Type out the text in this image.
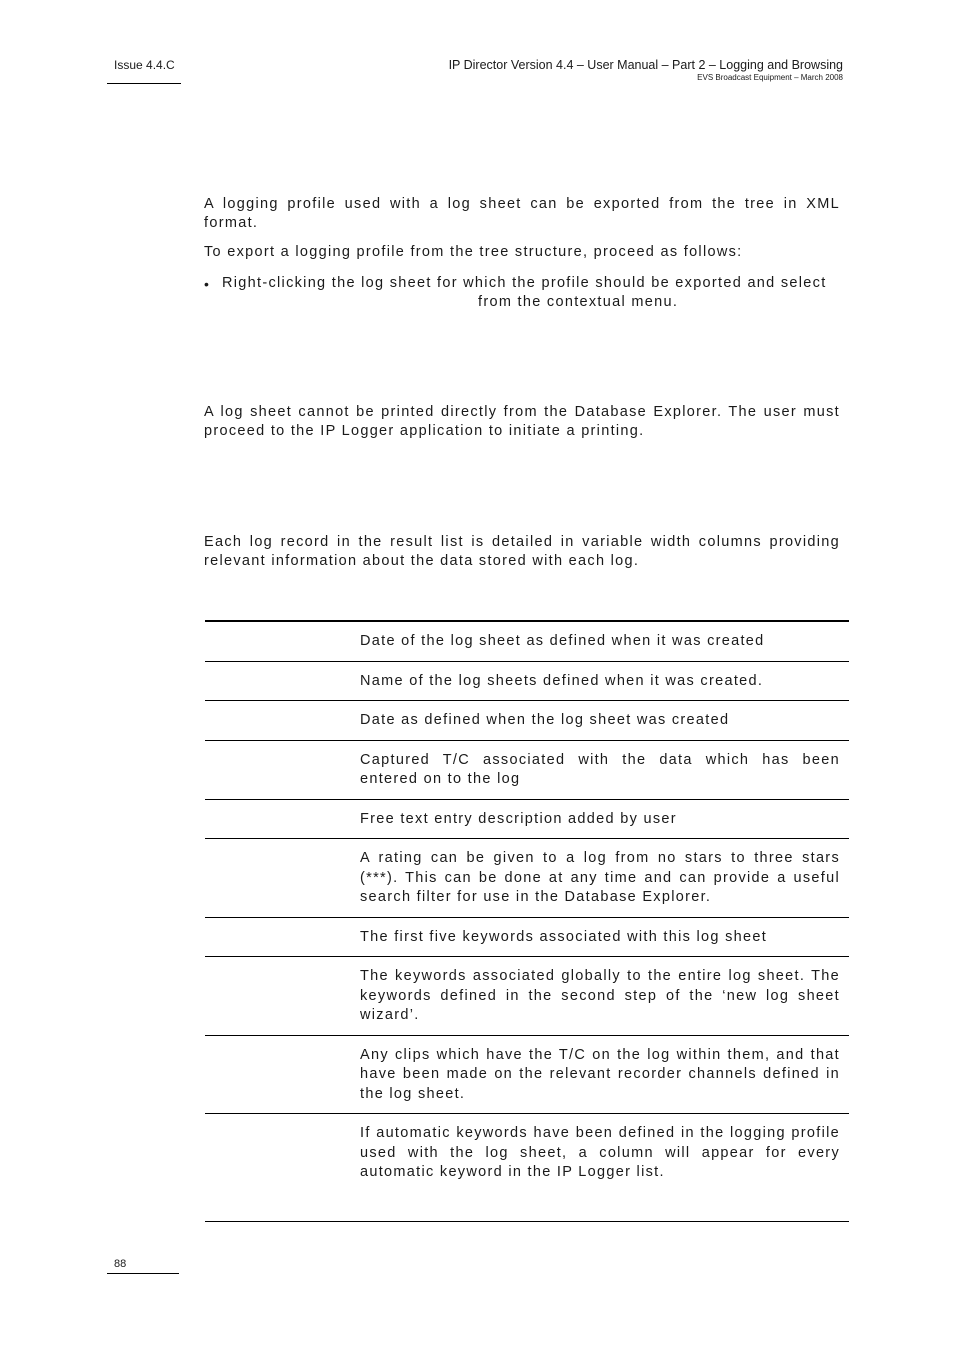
Issue 4.4.C	IP Director Version 4.4 – User Manual – Part 2 – Logging and Browsing
EVS Broadcast Equipment – March 2008

A logging profile used with a log sheet can be exported from the tree in XML format.

To export a logging profile from the tree structure, proceed as follows:

• Right-clicking the log sheet for which the profile should be exported and select

from the contextual menu.

A log sheet cannot be printed directly from the Database Explorer. The user must proceed to the IP Logger application to initiate a printing.

Each log record in the result list is detailed in variable width columns providing relevant information about the data stored with each log.

Date of the log sheet as defined when it was created
Name of the log sheets defined when it was created.
Date as defined when the log sheet was created
Captured T/C associated with the data which has been entered on to the log
Free text entry description added by user
A rating can be given to a log from no stars to three stars (***). This can be done at any time and can provide a useful search filter for use in the Database Explorer.
The first five keywords associated with this log sheet
The keywords associated globally to the entire log sheet. The keywords defined in the second step of the ‘new log sheet wizard’.
Any clips which have the T/C on the log within them, and that have been made on the relevant recorder channels defined in the log sheet.
If automatic keywords have been defined in the logging profile used with the log sheet, a column will appear for every automatic keyword in the IP Logger list.
88
